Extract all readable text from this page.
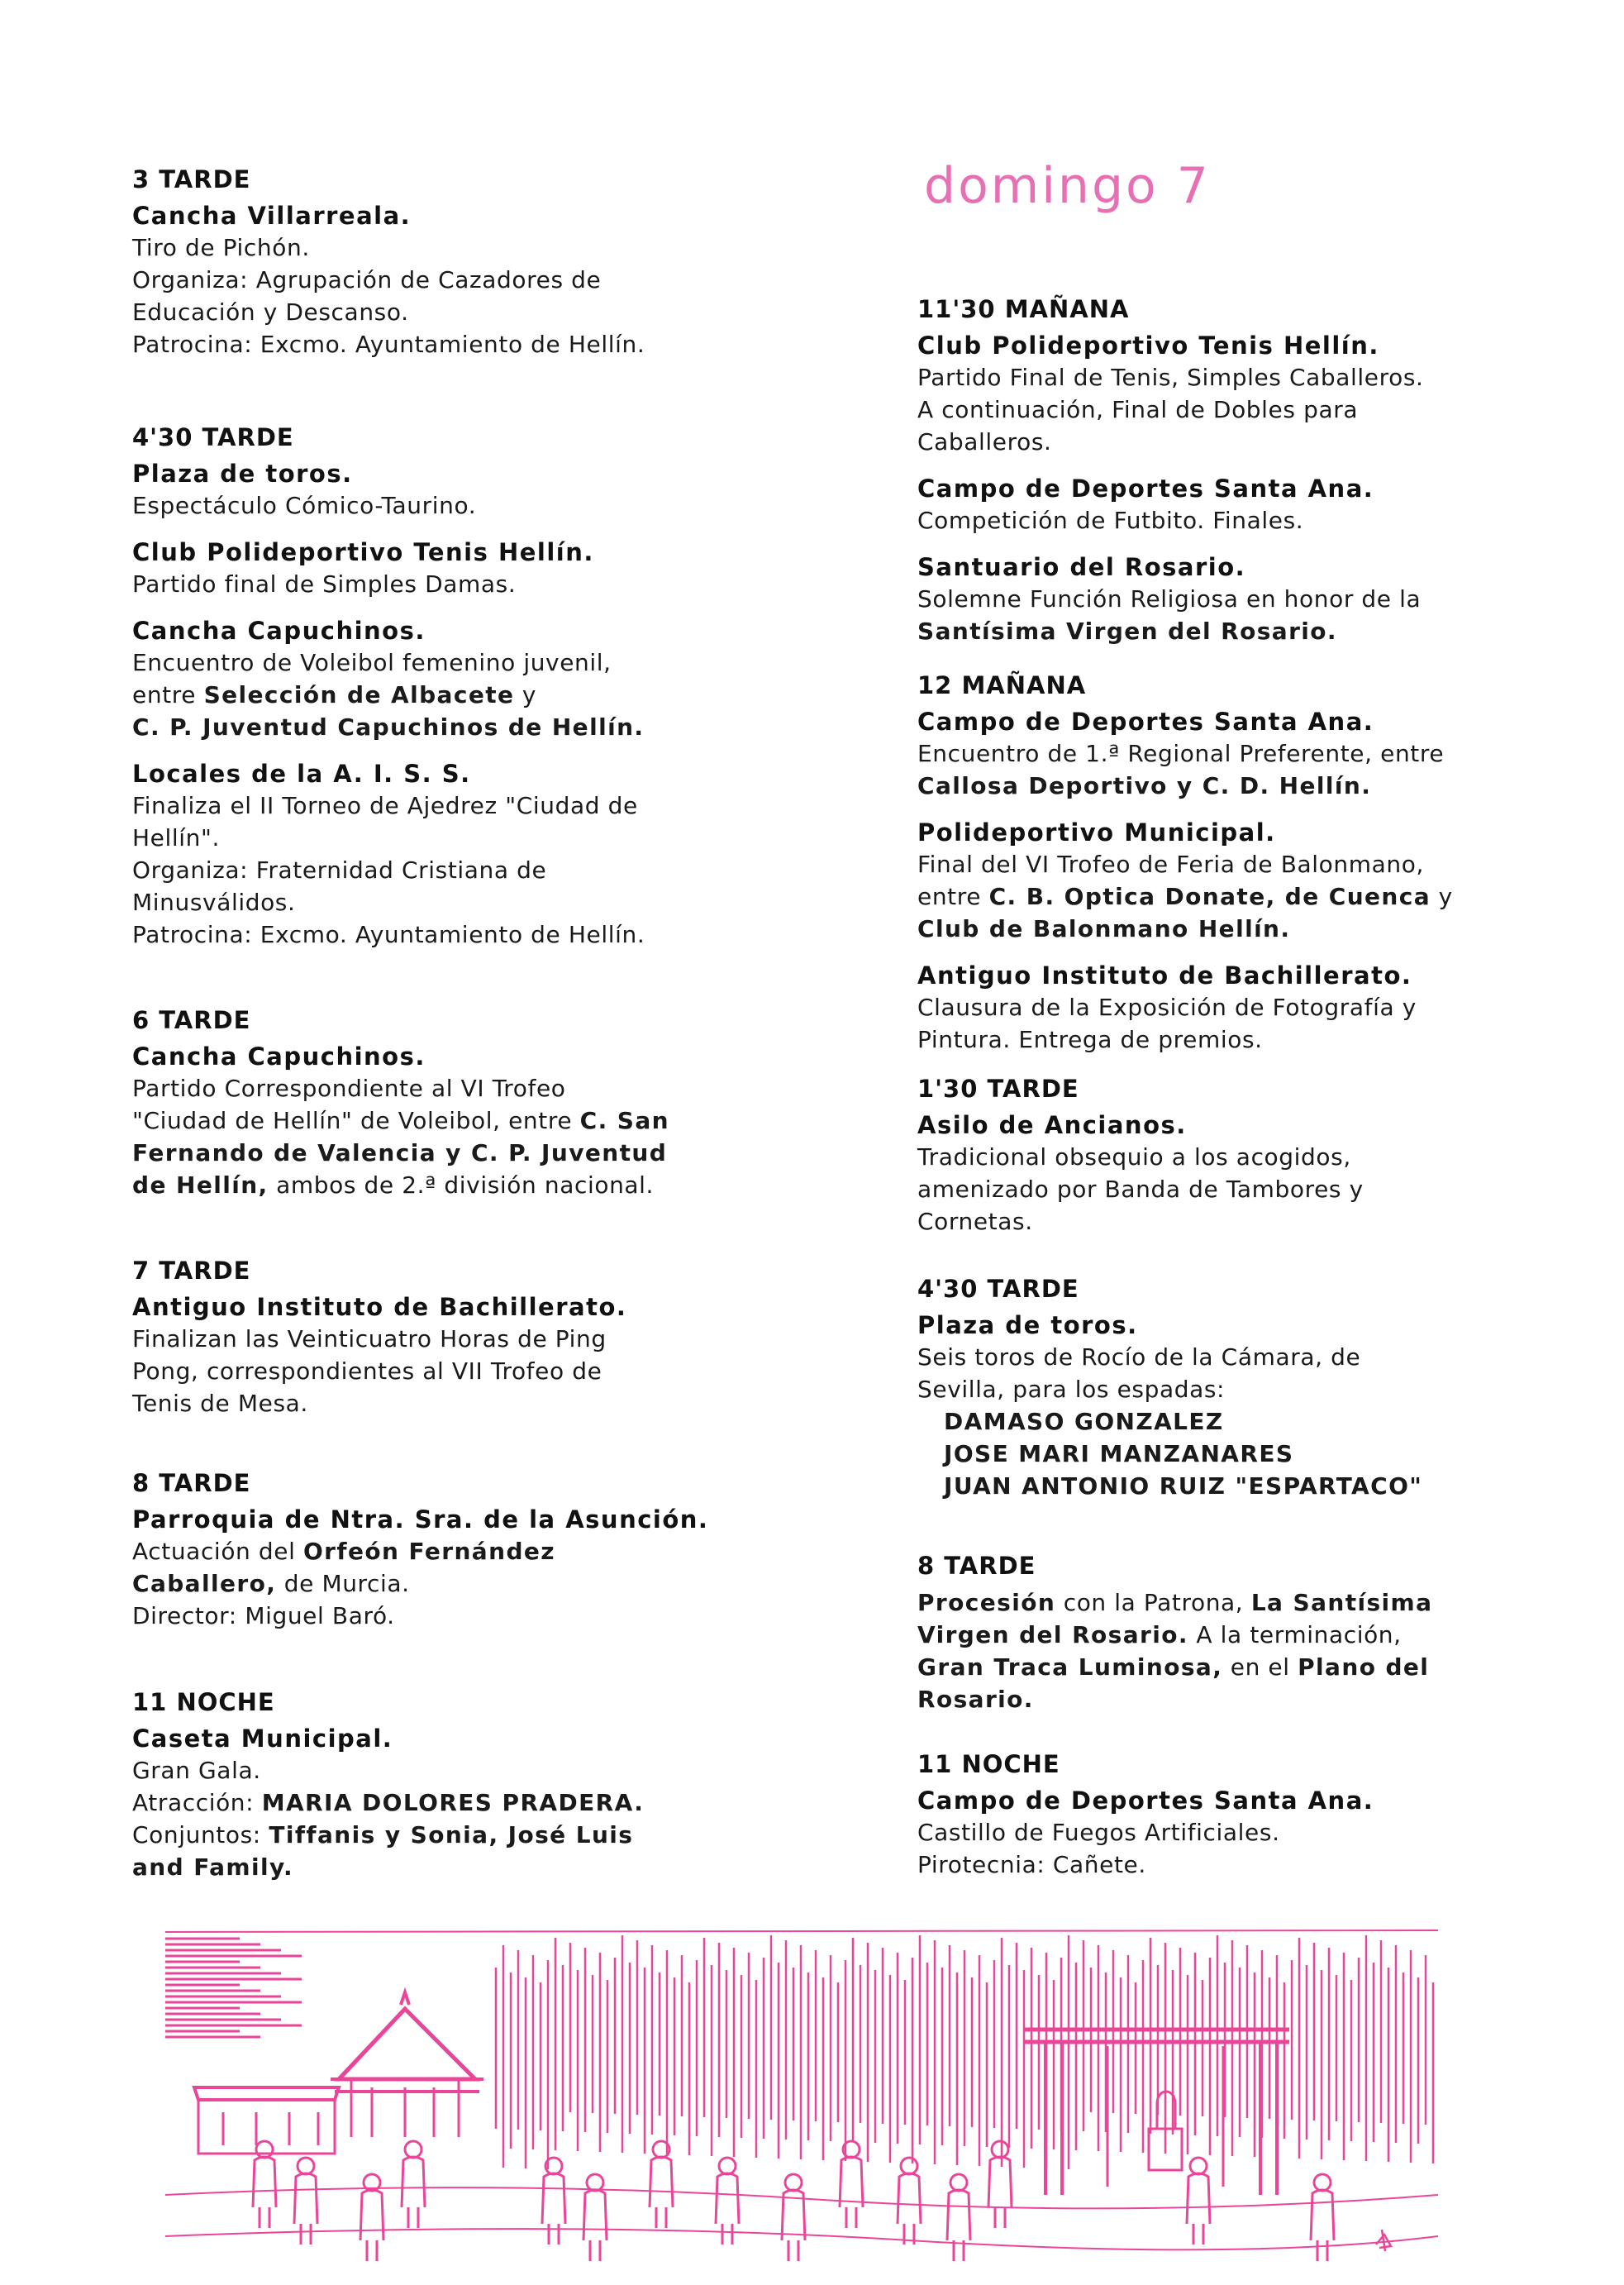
3 TARDE
Cancha Villarreala.
Tiro de Pichón.
Organiza: Agrupación de Cazadores de
Educación y Descanso.
Patrocina: Excmo. Ayuntamiento de Hellín.
4'30 TARDE
Plaza de toros.
Espectáculo Cómico-Taurino.
Club Polideportivo Tenis Hellín.
Partido final de Simples Damas.
Cancha Capuchinos.
Encuentro de Voleibol femenino juvenil,
entre Selección de Albacete y
C. P. Juventud Capuchinos de Hellín.
Locales de la A. I. S. S.
Finaliza el II Torneo de Ajedrez "Ciudad de
Hellín".
Organiza: Fraternidad Cristiana de
Minusválidos.
Patrocina: Excmo. Ayuntamiento de Hellín.
6 TARDE
Cancha Capuchinos.
Partido Correspondiente al VI Trofeo
"Ciudad de Hellín" de Voleibol, entre C. San
Fernando de Valencia y C. P. Juventud
de Hellín, ambos de 2.ª división nacional.
7 TARDE
Antiguo Instituto de Bachillerato.
Finalizan las Veinticuatro Horas de Ping
Pong, correspondientes al VII Trofeo de
Tenis de Mesa.
8 TARDE
Parroquia de Ntra. Sra. de la Asunción.
Actuación del Orfeón Fernández
Caballero, de Murcia.
Director: Miguel Baró.
11 NOCHE
Caseta Municipal.
Gran Gala.
Atracción: MARIA DOLORES PRADERA.
Conjuntos: Tiffanis y Sonia, José Luis
and Family.
domingo 7
11'30 MAÑANA
Club Polideportivo Tenis Hellín.
Partido Final de Tenis, Simples Caballeros.
A continuación, Final de Dobles para
Caballeros.
Campo de Deportes Santa Ana.
Competición de Futbito. Finales.
Santuario del Rosario.
Solemne Función Religiosa en honor de la
Santísima Virgen del Rosario.
12 MAÑANA
Campo de Deportes Santa Ana.
Encuentro de 1.ª Regional Preferente, entre
Callosa Deportivo y C. D. Hellín.
Polideportivo Municipal.
Final del VI Trofeo de Feria de Balonmano,
entre C. B. Optica Donate, de Cuenca y
Club de Balonmano Hellín.
Antiguo Instituto de Bachillerato.
Clausura de la Exposición de Fotografía y
Pintura. Entrega de premios.
1'30 TARDE
Asilo de Ancianos.
Tradicional obsequio a los acogidos,
amenizado por Banda de Tambores y
Cornetas.
4'30 TARDE
Plaza de toros.
Seis toros de Rocío de la Cámara, de
Sevilla, para los espadas:
DAMASO GONZALEZ
JOSE MARI MANZANARES
JUAN ANTONIO RUIZ "ESPARTACO"
8 TARDE
Procesión con la Patrona, La Santísima
Virgen del Rosario. A la terminación,
Gran Traca Luminosa, en el Plano del
Rosario.
11 NOCHE
Campo de Deportes Santa Ana.
Castillo de Fuegos Artificiales.
Pirotecnia: Cañete.
